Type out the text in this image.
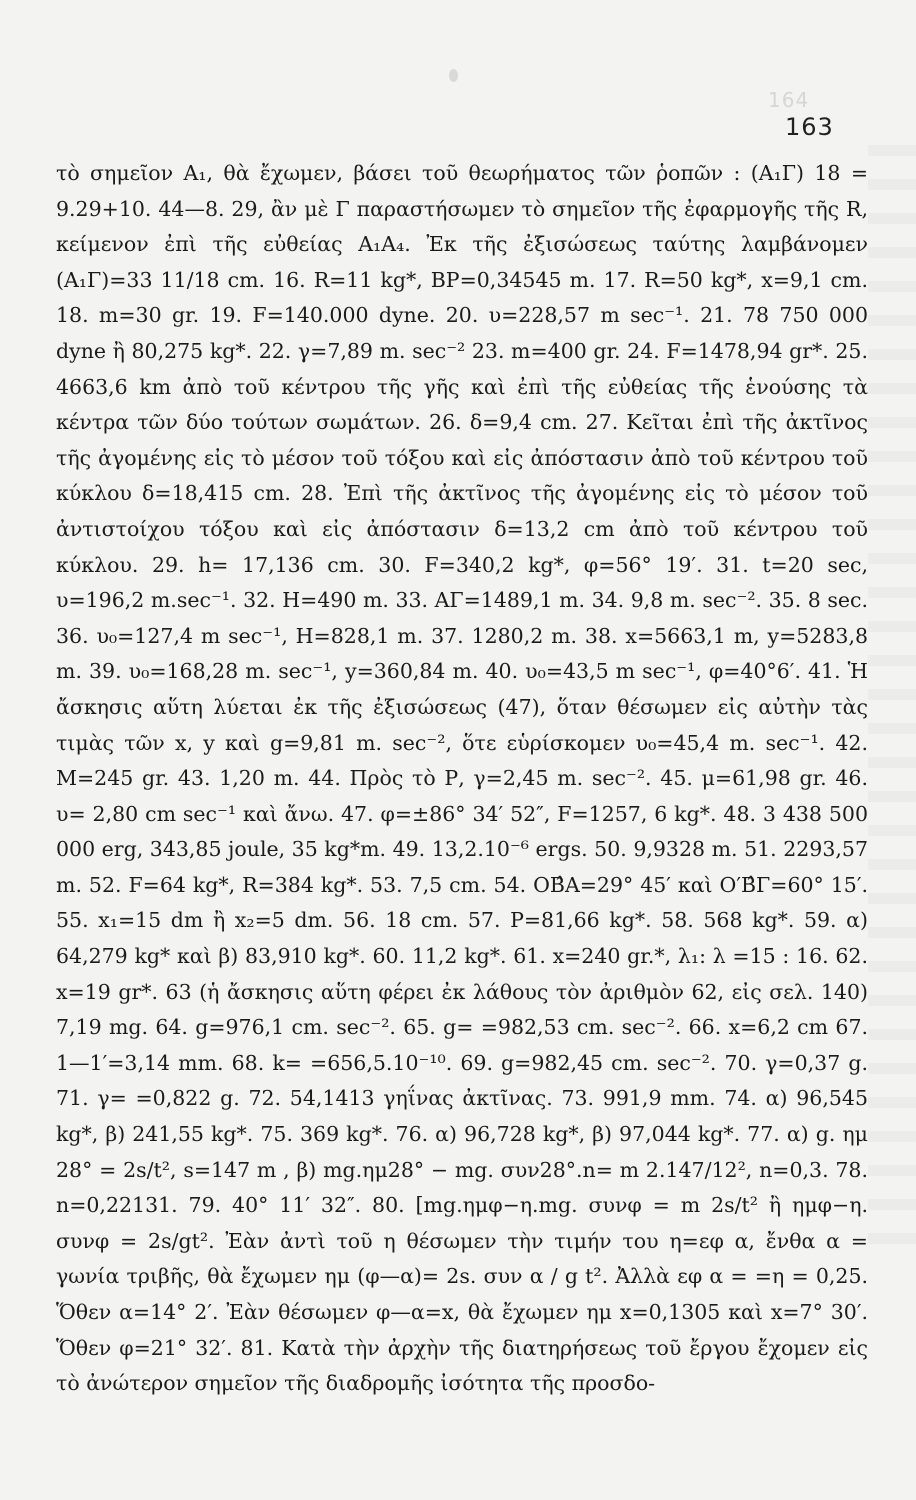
164
163

τὸ σημεῖον Α₁, θὰ ἔχωμεν, βάσει τοῦ θεωρήματος τῶν ῥοπῶν : (Α₁Γ) 18 = 9.29+10. 44—8. 29, ἂν μὲ Γ παραστήσωμεν τὸ σημεῖον τῆς ἐφαρμογῆς τῆς R, κείμενον ἐπὶ τῆς εὐθείας Α₁Α₄. Ἐκ τῆς ἐξισώσεως ταύτης λαμβάνομεν (Α₁Γ)=33 11/18 cm. 16. R=11 kg*, ΒΡ=0,34545 m. 17. R=50 kg*, x=9,1 cm. 18. m=30 gr. 19. F=140.000 dyne. 20. υ=228,57 m sec⁻¹. 21. 78 750 000 dyne ἢ 80,275 kg*. 22. γ=7,89 m. sec⁻² 23. m=400 gr. 24. F=1478,94 gr*. 25. 4663,6 km ἀπὸ τοῦ κέντρου τῆς γῆς καὶ ἐπὶ τῆς εὐθείας τῆς ἑνούσης τὰ κέντρα τῶν δύο τούτων σωμάτων. 26. δ=9,4 cm. 27. Κεῖται ἐπὶ τῆς ἀκτῖνος τῆς ἀγομένης εἰς τὸ μέσον τοῦ τόξου καὶ εἰς ἀπόστασιν ἀπὸ τοῦ κέντρου τοῦ κύκλου δ=18,415 cm. 28. Ἐπὶ τῆς ἀκτῖνος τῆς ἀγομένης εἰς τὸ μέσον τοῦ ἀντιστοίχου τόξου καὶ εἰς ἀπόστασιν δ=13,2 cm ἀπὸ τοῦ κέντρου τοῦ κύκλου. 29. h= 17,136 cm. 30. F=340,2 kg*, φ=56° 19′. 31. t=20 sec, υ=196,2 m.sec⁻¹. 32. H=490 m. 33. ΑΓ=1489,1 m. 34. 9,8 m. sec⁻². 35. 8 sec. 36. υ₀=127,4 m sec⁻¹, H=828,1 m. 37. 1280,2 m. 38. x=5663,1 m, y=5283,8 m. 39. υ₀=168,28 m. sec⁻¹, y=360,84 m. 40. υ₀=43,5 m sec⁻¹, φ=40°6′. 41. Ἡ ἄσκησις αὕτη λύεται ἐκ τῆς ἐξισώσεως (47), ὅταν θέσωμεν εἰς αὐτὴν τὰς τιμὰς τῶν x, y καὶ g=9,81 m. sec⁻², ὅτε εὑρίσκομεν υ₀=45,4 m. sec⁻¹. 42. M=245 gr. 43. 1,20 m. 44. Πρὸς τὸ Ρ, γ=2,45 m. sec⁻². 45. μ=61,98 gr. 46. υ= 2,80 cm sec⁻¹ καὶ ἄνω. 47. φ=±86° 34′ 52″, F=1257, 6 kg*. 48. 3 438 500 000 erg, 343,85 joule, 35 kg*m. 49. 13,2.10⁻⁶ ergs. 50. 9,9328 m. 51. 2293,57 m. 52. F=64 kg*, R=384 kg*. 53. 7,5 cm. 54. ΟΒ̂Α=29° 45′ καὶ Ο′Β̂Γ=60° 15′. 55. x₁=15 dm ἢ x₂=5 dm. 56. 18 cm. 57. P=81,66 kg*. 58. 568 kg*. 59. α) 64,279 kg* καὶ β) 83,910 kg*. 60. 11,2 kg*. 61. x=240 gr.*, λ₁: λ =15 : 16. 62. x=19 gr*. 63 (ἡ ἄσκησις αὕτη φέρει ἐκ λάθους τὸν ἀριθμὸν 62, εἰς σελ. 140) 7,19 mg. 64. g=976,1 cm. sec⁻². 65. g= =982,53 cm. sec⁻². 66. x=6,2 cm 67. 1—1′=3,14 mm. 68. k= =656,5.10⁻¹⁰. 69. g=982,45 cm. sec⁻². 70. γ=0,37 g. 71. γ= =0,822 g. 72. 54,1413 γηΐνας ἀκτῖνας. 73. 991,9 mm. 74. α) 96,545 kg*, β) 241,55 kg*. 75. 369 kg*. 76. α) 96,728 kg*, β) 97,044 kg*. 77. α) g. ημ 28° = 2s/t², s=147 m , β) mg.ημ28° − mg. συν28°.n= m 2.147/12², n=0,3. 78. n=0,22131. 79. 40° 11′ 32″. 80. [mg.ημφ−η.mg. συνφ = m 2s/t² ἢ ημφ−η. συνφ = 2s/gt². Ἐὰν ἀντὶ τοῦ η θέσωμεν τὴν τιμήν του η=εφ α, ἔνθα α = γωνία τριβῆς, θὰ ἔχωμεν ημ (φ—α)= 2s. συν α / g t². Ἀλλὰ εφ α = =η = 0,25. Ὅθεν α=14° 2′. Ἐὰν θέσωμεν φ—α=x, θὰ ἔχωμεν ημ x=0,1305 καὶ x=7° 30′. Ὅθεν φ=21° 32′. 81. Κατὰ τὴν ἀρχὴν τῆς διατηρήσεως τοῦ ἔργου ἔχομεν εἰς τὸ ἀνώτερον σημεῖον τῆς διαδρομῆς ἰσότητα τῆς προσδο-
